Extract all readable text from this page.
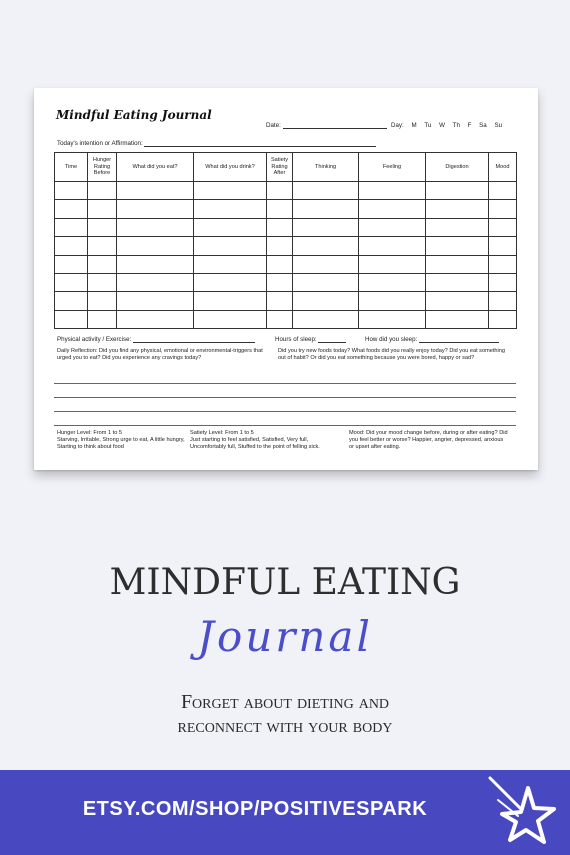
Mindful Eating Journal
Date:	Day: M Tu W Th F Sa Su
Today's intention or Affirmation:
Time	Hunger Rating Before	What did you eat?	What did you drink?	Satiety Rating After	Thinking	Feeling	Digestion	Mood

Physical activity / Exercise:	Hours of sleep:	How did you sleep:
Daily Reflection: Did you find any physical, emotional or environmental-triggers that urged you to eat? Did you experience any cravings today?
Did you try new foods today? What foods did you really enjoy today? Did you eat something out of habit? Or did you eat something because you were bored, happy or sad?
Hunger Level: From 1 to 5
Starving, Irritable, Strong urge to eat, A little hungry, Starting to think about food
Satiety Level: From 1 to 5
Just starting to feel satisfied, Satisfied, Very full, Uncomfortably full, Stuffed to the point of felling sick.
Mood: Did your mood change before, during or after eating? Did you feel better or worse? Happier, angrier, depressed, anxious or upset after eating.
MINDFUL EATING
Journal
Forget about dieting and
reconnect with your body
ETSY.COM/SHOP/POSITIVESPARK
